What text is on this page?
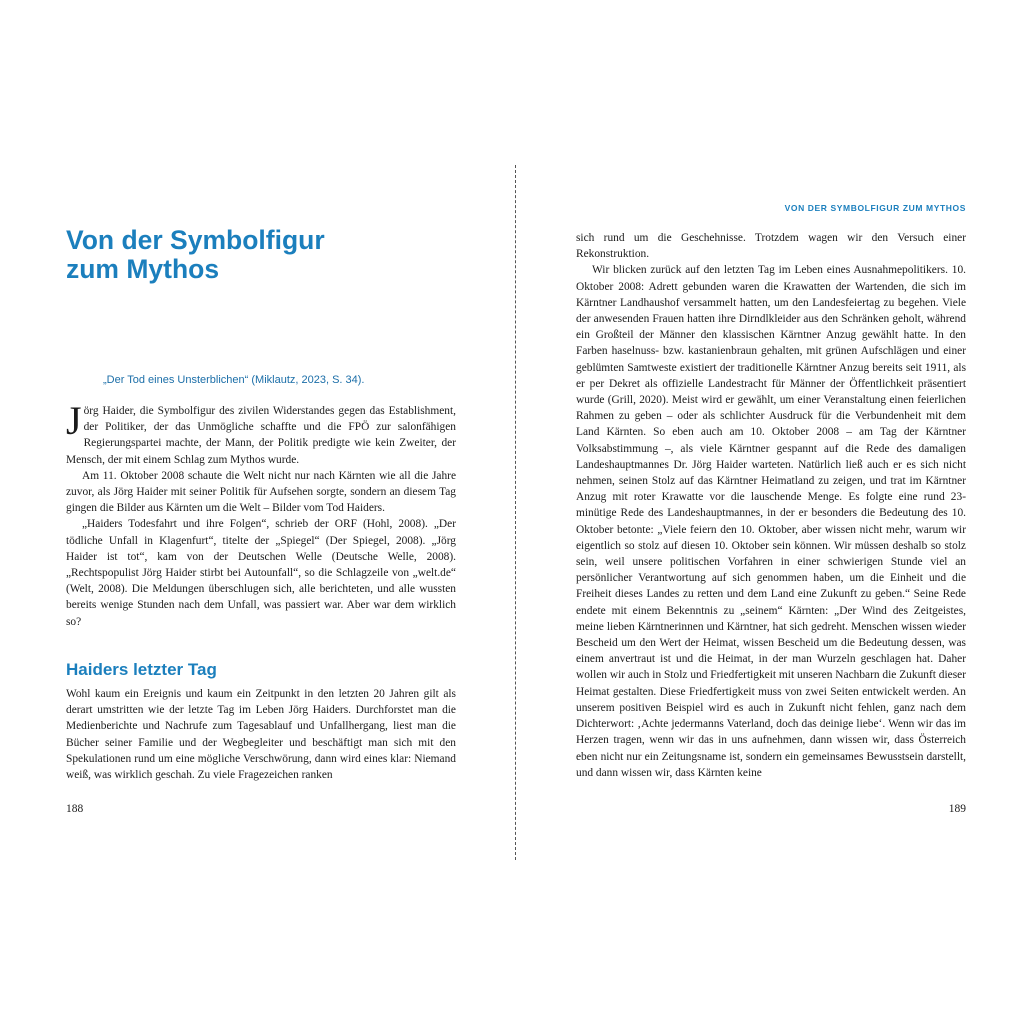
Von der Symbolfigur
zum Mythos
„Der Tod eines Unsterblichen“ (Miklautz, 2023, S. 34).

Jörg Haider, die Symbolfigur des zivilen Widerstandes gegen das Establishment, der Politiker, der das Unmögliche schaffte und die FPÖ zur salonfähigen Regierungspartei machte, der Mann, der Politik predigte wie kein Zweiter, der Mensch, der mit einem Schlag zum Mythos wurde.

Am 11. Oktober 2008 schaute die Welt nicht nur nach Kärnten wie all die Jahre zuvor, als Jörg Haider mit seiner Politik für Aufsehen sorgte, sondern an diesem Tag gingen die Bilder aus Kärnten um die Welt – Bilder vom Tod Haiders.

„Haiders Todesfahrt und ihre Folgen“, schrieb der ORF (Hohl, 2008). „Der tödliche Unfall in Klagenfurt“, titelte der „Spiegel“ (Der Spiegel, 2008). „Jörg Haider ist tot“, kam von der Deutschen Welle (Deutsche Welle, 2008). „Rechtspopulist Jörg Haider stirbt bei Autounfall“, so die Schlagzeile von „welt.de“ (Welt, 2008). Die Meldungen überschlugen sich, alle berichteten, und alle wussten bereits wenige Stunden nach dem Unfall, was passiert war. Aber war dem wirklich so?

Haiders letzter Tag

Wohl kaum ein Ereignis und kaum ein Zeitpunkt in den letzten 20 Jahren gilt als derart umstritten wie der letzte Tag im Leben Jörg Haiders. Durchforstet man die Medienberichte und Nachrufe zum Tagesablauf und Unfallhergang, liest man die Bücher seiner Familie und der Wegbegleiter und beschäftigt man sich mit den Spekulationen rund um eine mögliche Verschwörung, dann wird eines klar: Niemand weiß, was wirklich geschah. Zu viele Fragezeichen ranken

188
VON DER SYMBOLFIGUR ZUM MYTHOS

sich rund um die Geschehnisse. Trotzdem wagen wir den Versuch einer Rekonstruktion.

Wir blicken zurück auf den letzten Tag im Leben eines Ausnahmepolitikers. 10. Oktober 2008: Adrett gebunden waren die Krawatten der Wartenden, die sich im Kärntner Landhaushof versammelt hatten, um den Landesfeiertag zu begehen. Viele der anwesenden Frauen hatten ihre Dirndlkleider aus den Schränken geholt, während ein Großteil der Männer den klassischen Kärntner Anzug gewählt hatte. In den Farben haselnuss- bzw. kastanienbraun gehalten, mit grünen Aufschlägen und einer geblümten Samtweste existiert der traditionelle Kärntner Anzug bereits seit 1911, als er per Dekret als offizielle Landestracht für Männer der Öffentlichkeit präsentiert wurde (Grill, 2020). Meist wird er gewählt, um einer Veranstaltung einen feierlichen Rahmen zu geben – oder als schlichter Ausdruck für die Verbundenheit mit dem Land Kärnten. So eben auch am 10. Oktober 2008 – am Tag der Kärntner Volksabstimmung –, als viele Kärntner gespannt auf die Rede des damaligen Landeshauptmannes Dr. Jörg Haider warteten. Natürlich ließ auch er es sich nicht nehmen, seinen Stolz auf das Kärntner Heimatland zu zeigen, und trat im Kärntner Anzug mit roter Krawatte vor die lauschende Menge. Es folgte eine rund 23-minütige Rede des Landeshauptmannes, in der er besonders die Bedeutung des 10. Oktober betonte: „Viele feiern den 10. Oktober, aber wissen nicht mehr, warum wir eigentlich so stolz auf diesen 10. Oktober sein können. Wir müssen deshalb so stolz sein, weil unsere politischen Vorfahren in einer schwierigen Stunde viel an persönlicher Verantwortung auf sich genommen haben, um die Einheit und die Freiheit dieses Landes zu retten und dem Land eine Zukunft zu geben.“ Seine Rede endete mit einem Bekenntnis zu „seinem“ Kärnten: „Der Wind des Zeitgeistes, meine lieben Kärntnerinnen und Kärntner, hat sich gedreht. Menschen wissen wieder Bescheid um den Wert der Heimat, wissen Bescheid um die Bedeutung dessen, was einem anvertraut ist und die Heimat, in der man Wurzeln geschlagen hat. Daher wollen wir auch in Stolz und Friedfertigkeit mit unseren Nachbarn die Zukunft dieser Heimat gestalten. Diese Friedfertigkeit muss von zwei Seiten entwickelt werden. An unserem positiven Beispiel wird es auch in Zukunft nicht fehlen, ganz nach dem Dichterwort: ‚Achte jedermanns Vaterland, doch das deinige liebe‘. Wenn wir das im Herzen tragen, wenn wir das in uns aufnehmen, dann wissen wir, dass Österreich eben nicht nur ein Zeitungsname ist, sondern ein gemeinsames Bewusstsein darstellt, und dann wissen wir, dass Kärnten keine

189
